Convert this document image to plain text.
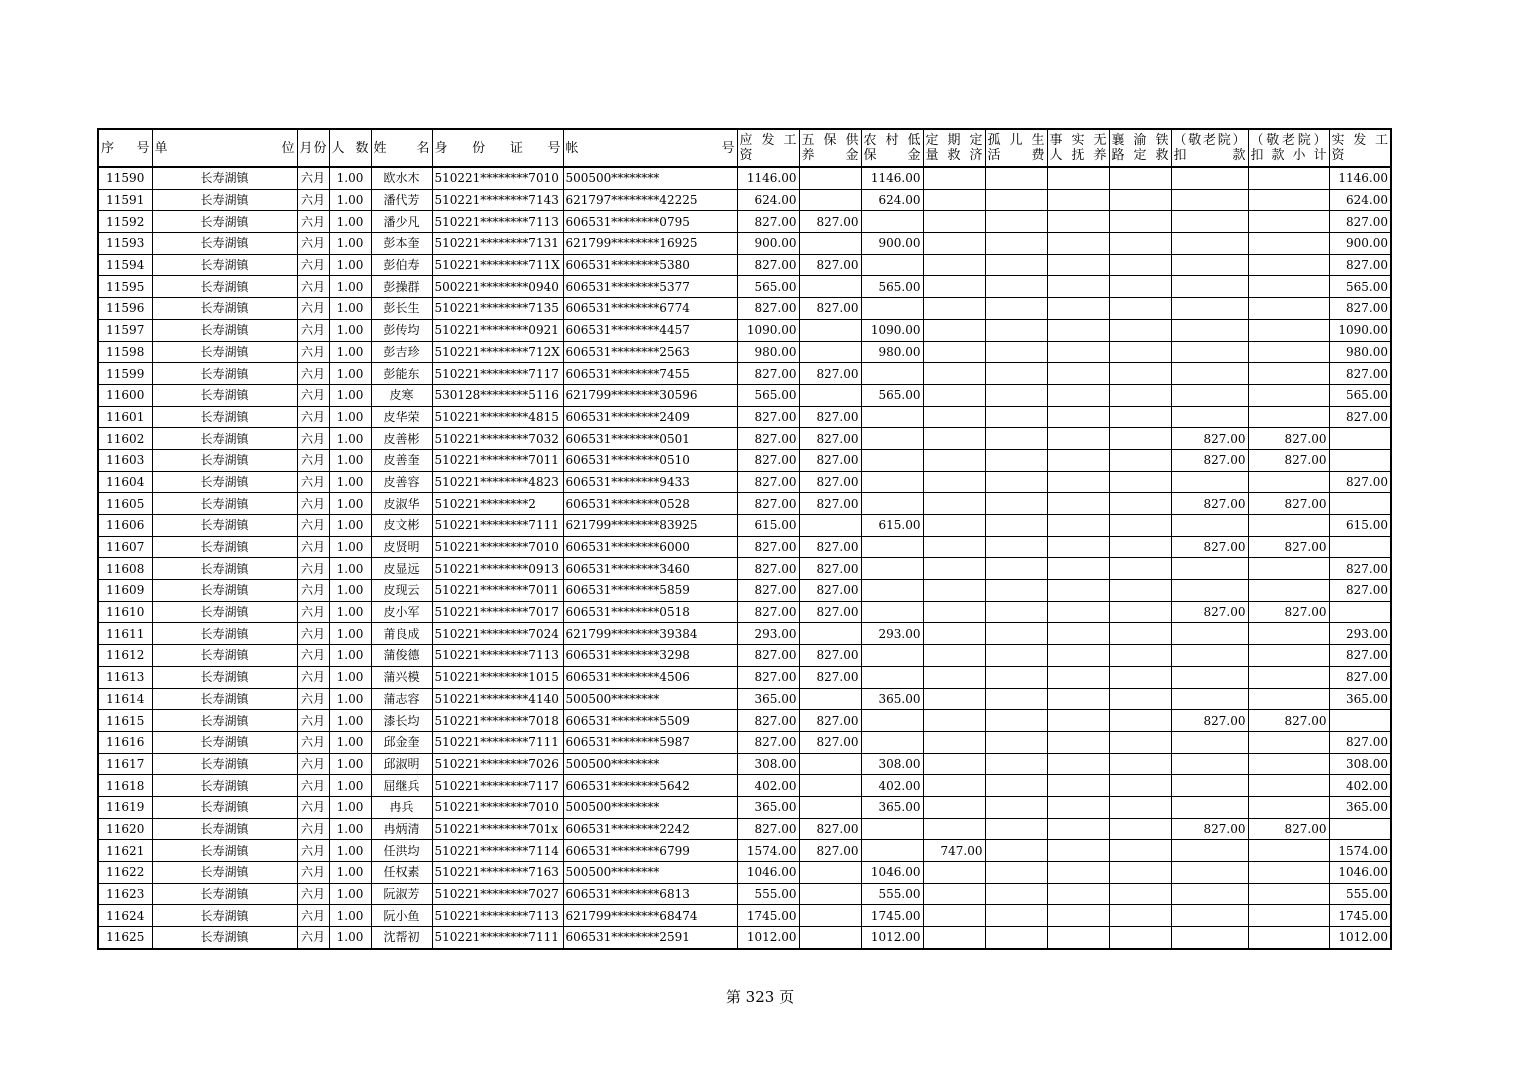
序　号	单　　　　　位	月份	人 数	姓　　名	身　份　证　号	帐　　　　　　　　　号	应 发 工 资	五 保 供 养　　金	农 村 低 保　　金	定 期 定 量 救 济	孤 儿 生 活　　费	事 实 无 人 抚 养	襄 渝 铁 路 定 救	（敬老院） 扣　　款	（敬老院） 扣 款 小 计	实 发 工 资
11590	长寿湖镇	六月	1.00	欧水木	510221********7010	500500********	1146.00		1146.00							1146.00
11591	长寿湖镇	六月	1.00	潘代芳	510221********7143	621797********42225	624.00		624.00							624.00
11592	长寿湖镇	六月	1.00	潘少凡	510221********7113	606531********0795	827.00	827.00								827.00
11593	长寿湖镇	六月	1.00	彭本奎	510221********7131	621799********16925	900.00		900.00							900.00
11594	长寿湖镇	六月	1.00	彭伯寿	510221********711X	606531********5380	827.00	827.00								827.00
11595	长寿湖镇	六月	1.00	彭操群	500221********0940	606531********5377	565.00		565.00							565.00
11596	长寿湖镇	六月	1.00	彭长生	510221********7135	606531********6774	827.00	827.00								827.00
11597	长寿湖镇	六月	1.00	彭传均	510221********0921	606531********4457	1090.00		1090.00							1090.00
11598	长寿湖镇	六月	1.00	彭吉珍	510221********712X	606531********2563	980.00		980.00							980.00
11599	长寿湖镇	六月	1.00	彭能东	510221********7117	606531********7455	827.00	827.00								827.00
11600	长寿湖镇	六月	1.00	皮寒	530128********5116	621799********30596	565.00		565.00							565.00
11601	长寿湖镇	六月	1.00	皮华荣	510221********4815	606531********2409	827.00	827.00								827.00
11602	长寿湖镇	六月	1.00	皮善彬	510221********7032	606531********0501	827.00	827.00						827.00	827.00	
11603	长寿湖镇	六月	1.00	皮善奎	510221********7011	606531********0510	827.00	827.00						827.00	827.00	
11604	长寿湖镇	六月	1.00	皮善容	510221********4823	606531********9433	827.00	827.00								827.00
11605	长寿湖镇	六月	1.00	皮淑华	510221********2	606531********0528	827.00	827.00						827.00	827.00	
11606	长寿湖镇	六月	1.00	皮文彬	510221********7111	621799********83925	615.00		615.00							615.00
11607	长寿湖镇	六月	1.00	皮贤明	510221********7010	606531********6000	827.00	827.00						827.00	827.00	
11608	长寿湖镇	六月	1.00	皮显远	510221********0913	606531********3460	827.00	827.00								827.00
11609	长寿湖镇	六月	1.00	皮现云	510221********7011	606531********5859	827.00	827.00								827.00
11610	长寿湖镇	六月	1.00	皮小军	510221********7017	606531********0518	827.00	827.00						827.00	827.00	
11611	长寿湖镇	六月	1.00	莆良成	510221********7024	621799********39384	293.00		293.00							293.00
11612	长寿湖镇	六月	1.00	蒲俊德	510221********7113	606531********3298	827.00	827.00								827.00
11613	长寿湖镇	六月	1.00	蒲兴模	510221********1015	606531********4506	827.00	827.00								827.00
11614	长寿湖镇	六月	1.00	蒲志容	510221********4140	500500********	365.00		365.00							365.00
11615	长寿湖镇	六月	1.00	漆长均	510221********7018	606531********5509	827.00	827.00						827.00	827.00	
11616	长寿湖镇	六月	1.00	邱金奎	510221********7111	606531********5987	827.00	827.00								827.00
11617	长寿湖镇	六月	1.00	邱淑明	510221********7026	500500********	308.00		308.00							308.00
11618	长寿湖镇	六月	1.00	屈继兵	510221********7117	606531********5642	402.00		402.00							402.00
11619	长寿湖镇	六月	1.00	冉兵	510221********7010	500500********	365.00		365.00							365.00
11620	长寿湖镇	六月	1.00	冉炳清	510221********701x	606531********2242	827.00	827.00						827.00	827.00	
11621	长寿湖镇	六月	1.00	任洪均	510221********7114	606531********6799	1574.00	827.00		747.00						1574.00
11622	长寿湖镇	六月	1.00	任权素	510221********7163	500500********	1046.00		1046.00							1046.00
11623	长寿湖镇	六月	1.00	阮淑芳	510221********7027	606531********6813	555.00		555.00							555.00
11624	长寿湖镇	六月	1.00	阮小鱼	510221********7113	621799********68474	1745.00		1745.00							1745.00
11625	长寿湖镇	六月	1.00	沈帮初	510221********7111	606531********2591	1012.00		1012.00							1012.00
第 323 页
